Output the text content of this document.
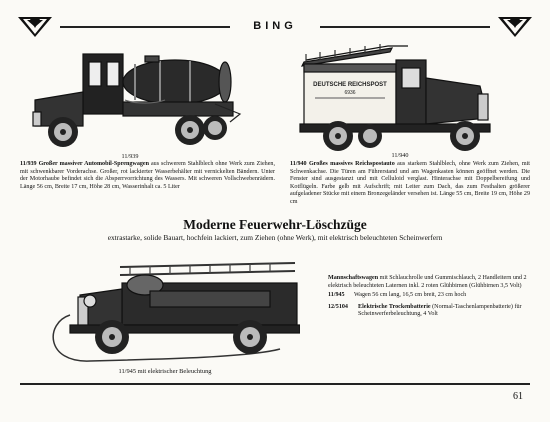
BING
11/939
DEUTSCHE REICHSPOST
6936
11/940
11/939 Großer massiver Automobil-Sprengwagen aus schwerem Stahlblech ohne Werk zum Ziehen, mit schwenkbarer Vorderachse. Großer, rot lackierter Wasserbehälter mit vernickelten Bändern. Unter der Motorhaube befindet sich die Absperrvorrichtung des Wassers. Mit schweren Vollschwebenrädern. Länge 56 cm, Breite 17 cm, Höhe 28 cm, Wasserinhalt ca. 5 Liter
11/940 Großes massives Reichspostauto aus starkem Stahlblech, ohne Werk zum Ziehen, mit Schwenkachse. Die Türen am Führerstand und am Wagenkasten können geöffnet werden. Die Fenster sind ausgestanzt und mit Celluloid verglast. Hinterachse mit Doppelbereifung und Kotflügeln. Farbe gelb mit Aufschrift; mit Leiter zum Dach, das zum Festhalten größerer aufgeladener Stücke mit einem Bronzegeländer versehen ist. Länge 55 cm, Breite 19 cm, Höhe 29 cm
Moderne Feuerwehr-Löschzüge
extrastarke, solide Bauart, hochfein lackiert, zum Ziehen (ohne Werk), mit elektrisch beleuchteten Scheinwerfern
11/945 mit elektrischer Beleuchtung
Mannschaftswagen mit Schlauchrolle und Gummischlauch, 2 Handleitern und 2 elektrisch beleuchteten Laternen inkl. 2 roten Glühbirnen (Glühbirnen 3,5 Volt)
11/945	Wagen 56 cm lang, 16,5 cm breit, 23 cm hoch
12/5104	Elektrische Trockenbatterie (Normal-Taschenlampenbatterie) für Scheinwerferbeleuchtung, 4 Volt
61
